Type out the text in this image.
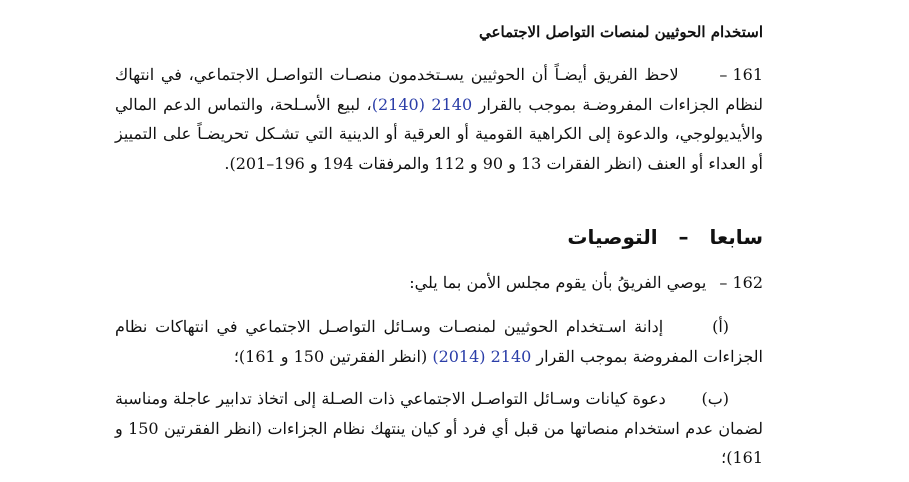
استخدام الحوثيين لمنصات التواصل الاجتماعي
161 – لاحظ الفريق أيضـاً أن الحوثيين يسـتخدمون منصـات التواصـل الاجتماعي، في انتهاك لنظام الجزاءات المفروضـة بموجب بالقرار 2140 (2140)، لبيع الأسـلحة، والتماس الدعم المالي والأيديولوجي، والدعوة إلى الكراهية القومية أو العرقية أو الدينية التي تشـكل تحريضـاً على التمييز أو العداء أو العنف (انظر الفقرات 13 و 90 و 112 والمرفقات 194 و 196–201).
سابعا – التوصيات
162 – يوصي الفريقُ بأن يقوم مجلس الأمن بما يلي:
(أ) إدانة اسـتخدام الحوثيين لمنصـات وسـائل التواصـل الاجتماعي في انتهاكات نظام الجزاءات المفروضة بموجب القرار 2140 (2014) (انظر الفقرتين 150 و 161)؛
(ب) دعوة كيانات وسـائل التواصـل الاجتماعي ذات الصـلة إلى اتخاذ تدابير عاجلة ومناسبة لضمان عدم استخدام منصاتها من قبل أي فرد أو كيان ينتهك نظام الجزاءات (انظر الفقرتين 150 و 161)؛
